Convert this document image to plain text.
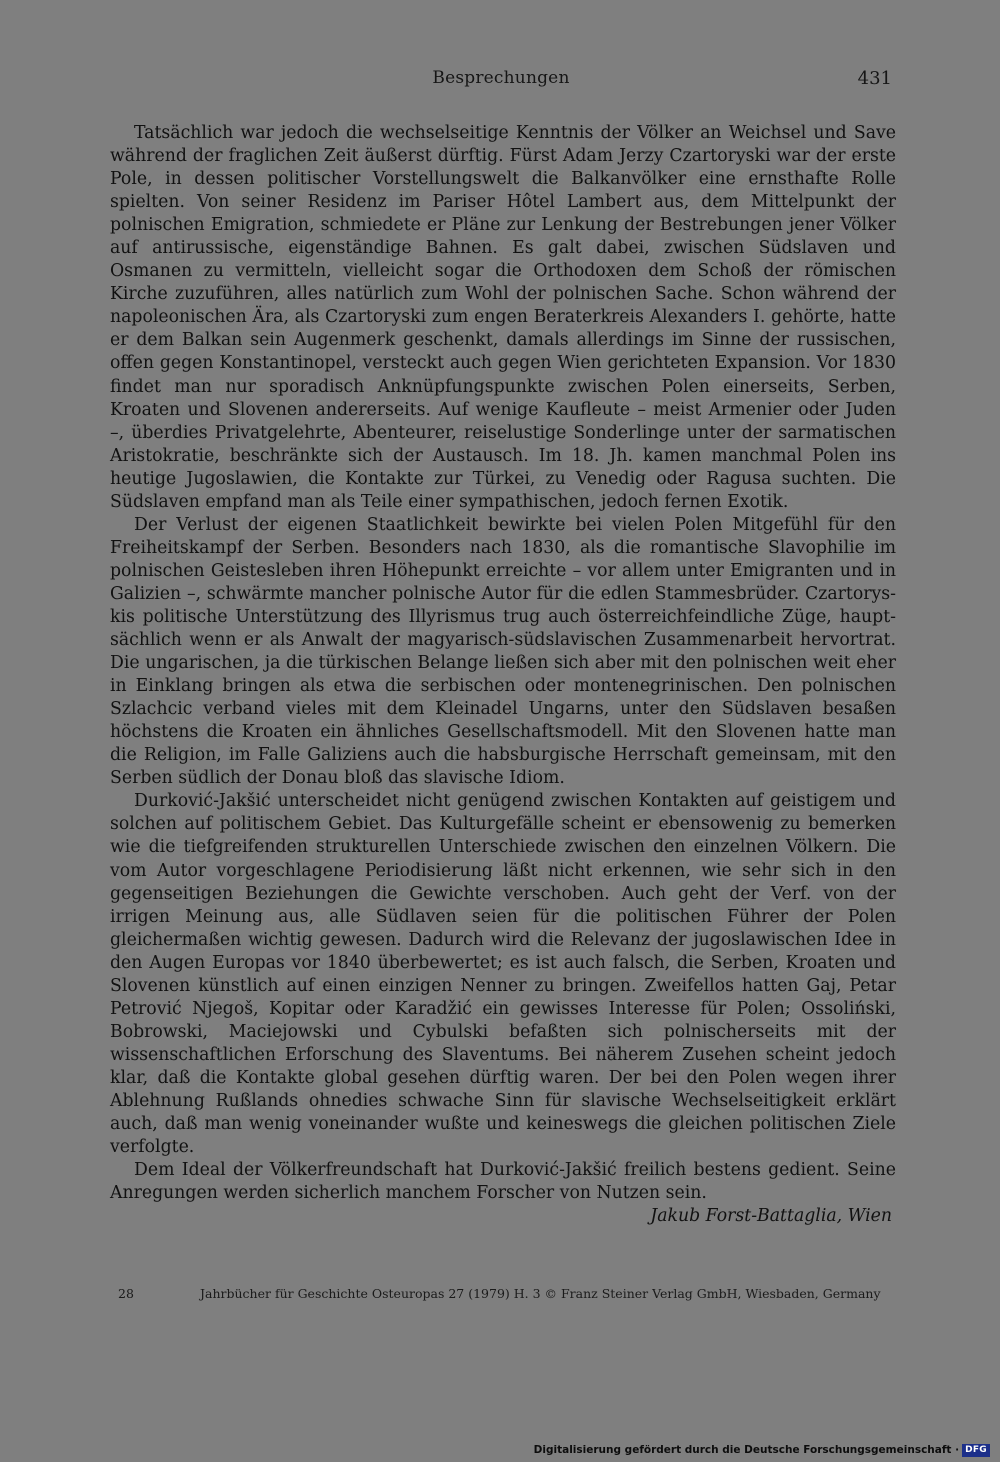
Besprechungen	431

Tatsächlich war jedoch die wechselseitige Kenntnis der Völker an Weichsel und Save während der fraglichen Zeit äußerst dürftig. Fürst Adam Jerzy Czartoryski war der erste Pole, in dessen politischer Vorstellungswelt die Balkanvölker eine ernsthafte Rolle spielten. Von seiner Residenz im Pariser Hôtel Lambert aus, dem Mittelpunkt der polnischen Emigration, schmiedete er Pläne zur Lenkung der Bestrebungen jener Völker auf antirussische, eigenständige Bahnen. Es galt dabei, zwischen Südslaven und Osmanen zu vermitteln, vielleicht sogar die Orthodoxen dem Schoß der römischen Kirche zuzuführen, alles natürlich zum Wohl der polnischen Sache. Schon während der napoleonischen Ära, als Czartoryski zum engen Beraterkreis Alexanders I. gehörte, hatte er dem Balkan sein Augenmerk geschenkt, damals allerdings im Sinne der russischen, offen gegen Konstantinopel, versteckt auch gegen Wien gerichteten Expansion. Vor 1830 findet man nur sporadisch Anknüpfungspunkte zwischen Polen einerseits, Serben, Kroaten und Slovenen andererseits. Auf wenige Kaufleute – meist Armenier oder Juden –, überdies Privatgelehrte, Abenteurer, reiselustige Sonderlinge unter der sarmatischen Aristokratie, beschränkte sich der Austausch. Im 18. Jh. kamen manchmal Polen ins heutige Jugoslawien, die Kontakte zur Türkei, zu Venedig oder Ragusa suchten. Die Südslaven empfand man als Teile einer sympathischen, jedoch fernen Exotik.

Der Verlust der eigenen Staatlichkeit bewirkte bei vielen Polen Mitgefühl für den Freiheitskampf der Serben. Besonders nach 1830, als die romantische Slavophilie im polnischen Geistesleben ihren Höhepunkt erreichte – vor allem unter Emigranten und in Galizien –, schwärmte mancher polnische Autor für die edlen Stammesbrüder. Czartoryskis politische Unterstützung des Illyrismus trug auch österreichfeindliche Züge, hauptsächlich wenn er als Anwalt der magyarisch-südslavischen Zusammenarbeit hervortrat. Die ungarischen, ja die türkischen Belange ließen sich aber mit den polnischen weit eher in Einklang bringen als etwa die serbischen oder montenegrinischen. Den polnischen Szlachcic verband vieles mit dem Kleinadel Ungarns, unter den Südslaven besaßen höchstens die Kroaten ein ähnliches Gesellschaftsmodell. Mit den Slovenen hatte man die Religion, im Falle Galiziens auch die habsburgische Herrschaft gemeinsam, mit den Serben südlich der Donau bloß das slavische Idiom.

Durković-Jakšić unterscheidet nicht genügend zwischen Kontakten auf geistigem und solchen auf politischem Gebiet. Das Kulturgefälle scheint er ebensowenig zu bemerken wie die tiefgreifenden strukturellen Unterschiede zwischen den einzelnen Völkern. Die vom Autor vorgeschlagene Periodisierung läßt nicht erkennen, wie sehr sich in den gegenseitigen Beziehungen die Gewichte verschoben. Auch geht der Verf. von der irrigen Meinung aus, alle Südlaven seien für die politischen Führer der Polen gleichermaßen wichtig gewesen. Dadurch wird die Relevanz der jugoslawischen Idee in den Augen Europas vor 1840 überbewertet; es ist auch falsch, die Serben, Kroaten und Slovenen künstlich auf einen einzigen Nenner zu bringen. Zweifellos hatten Gaj, Petar Petrović Njegoš, Kopitar oder Karadžić ein gewisses Interesse für Polen; Ossoliński, Bobrowski, Maciejowski und Cybulski befaßten sich polnischerseits mit der wissenschaftlichen Erforschung des Slaventums. Bei näherem Zusehen scheint jedoch klar, daß die Kontakte global gesehen dürftig waren. Der bei den Polen wegen ihrer Ablehnung Rußlands ohnedies schwache Sinn für slavische Wechselseitigkeit erklärt auch, daß man wenig voneinander wußte und keineswegs die gleichen politischen Ziele verfolgte.

Dem Ideal der Völkerfreundschaft hat Durković-Jakšić freilich bestens gedient. Seine Anregungen werden sicherlich manchem Forscher von Nutzen sein.

Jakub Forst-Battaglia, Wien
28	Jahrbücher für Geschichte Osteuropas 27 (1979) H. 3 © Franz Steiner Verlag GmbH, Wiesbaden, Germany
Digitalisierung gefördert durch die Deutsche Forschungsgemeinschaft · DFG
